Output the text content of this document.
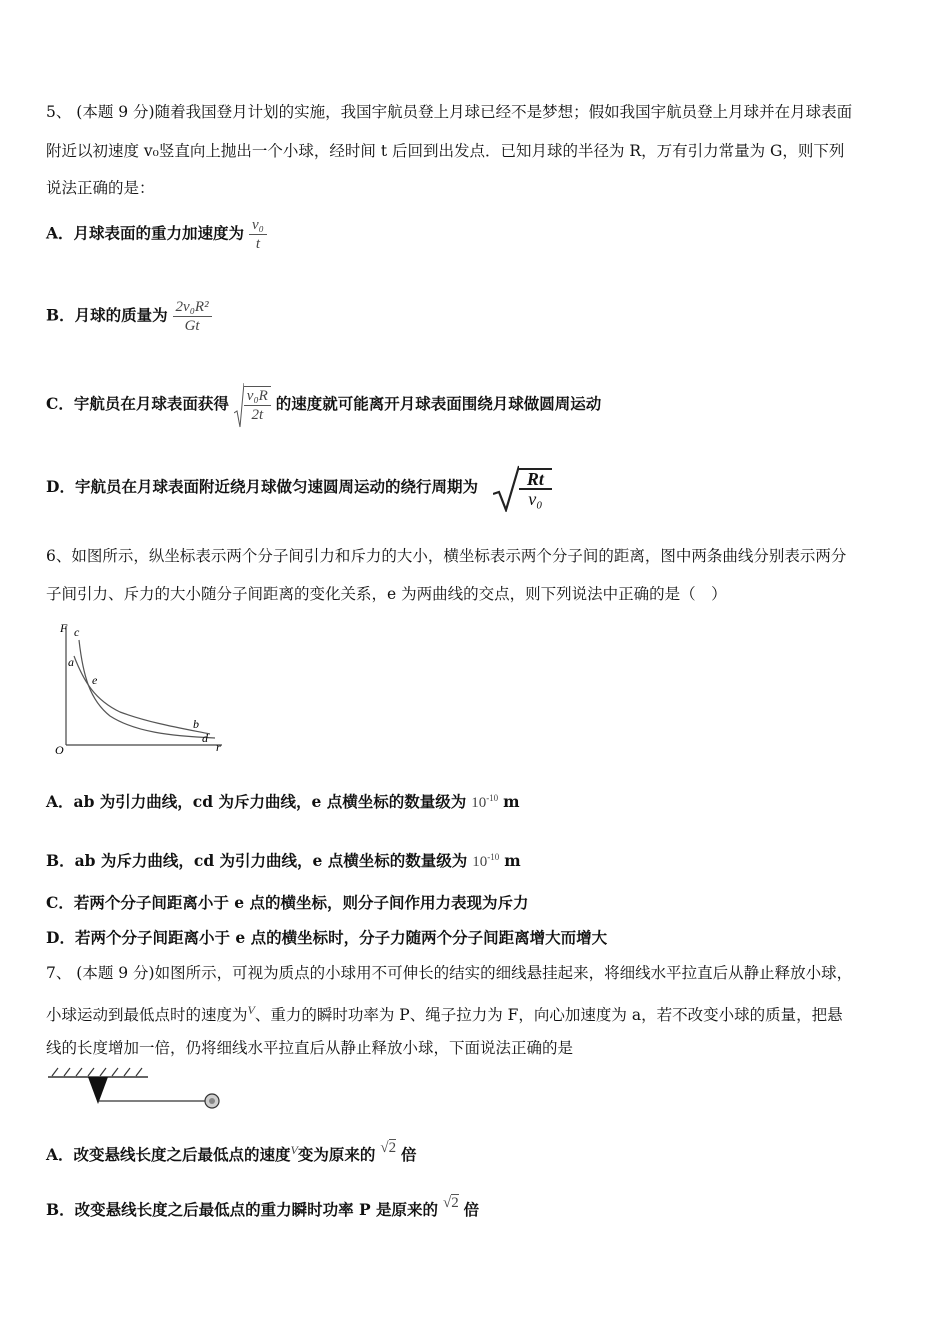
5、 (本题 9 分)随着我国登月计划的实施，我国宇航员登上月球已经不是梦想；假如我国宇航员登上月球并在月球表面
附近以初速度 v₀竖直向上抛出一个小球，经时间 t 后回到出发点．已知月球的半径为 R，万有引力常量为 G，则下列
说法正确的是：
A．月球表面的重力加速度为 $\frac{\text{v₀}}{t}$
B．月球的质量为 $\frac{\text{2v₀R²}}{Gt}$
C．宇航员在月球表面获得 $\frac{\text{v₀R}}{2t}$ 的速度就可能离开月球表面围绕月球做圆周运动
D．宇航员在月球表面附近绕月球做匀速圆周运动的绕行周期为 $\frac{Rt}{\text{v₀}}$
6、如图所示，纵坐标表示两个分子间引力和斥力的大小，横坐标表示两个分子间的距离，图中两条曲线分别表示两分
子间引力、斥力的大小随分子间距离的变化关系，e 为两曲线的交点，则下列说法中正确的是（　）
F
r
O
a
b
c
d
e
A．ab 为引力曲线，cd 为斥力曲线，e 点横坐标的数量级为 $10^{-10}$ m
B．ab 为斥力曲线，cd 为引力曲线，e 点横坐标的数量级为 $10^{-10}$ m
C．若两个分子间距离小于 e 点的横坐标，则分子间作用力表现为斥力
D．若两个分子间距离小于 e 点的横坐标时，分子力随两个分子间距离增大而增大
7、 (本题 9 分)如图所示，可视为质点的小球用不可伸长的结实的细线悬挂起来，将细线水平拉直后从静止释放小球，
小球运动到最低点时的速度为$^V$、重力的瞬时功率为 P、绳子拉力为 F，向心加速度为 a，若不改变小球的质量，把悬
线的长度增加一倍，仍将细线水平拉直后从静止释放小球，下面说法正确的是
A．改变悬线长度之后最低点的速度$^V$变为原来的 √2 倍
B．改变悬线长度之后最低点的重力瞬时功率 P 是原来的 √2 倍
